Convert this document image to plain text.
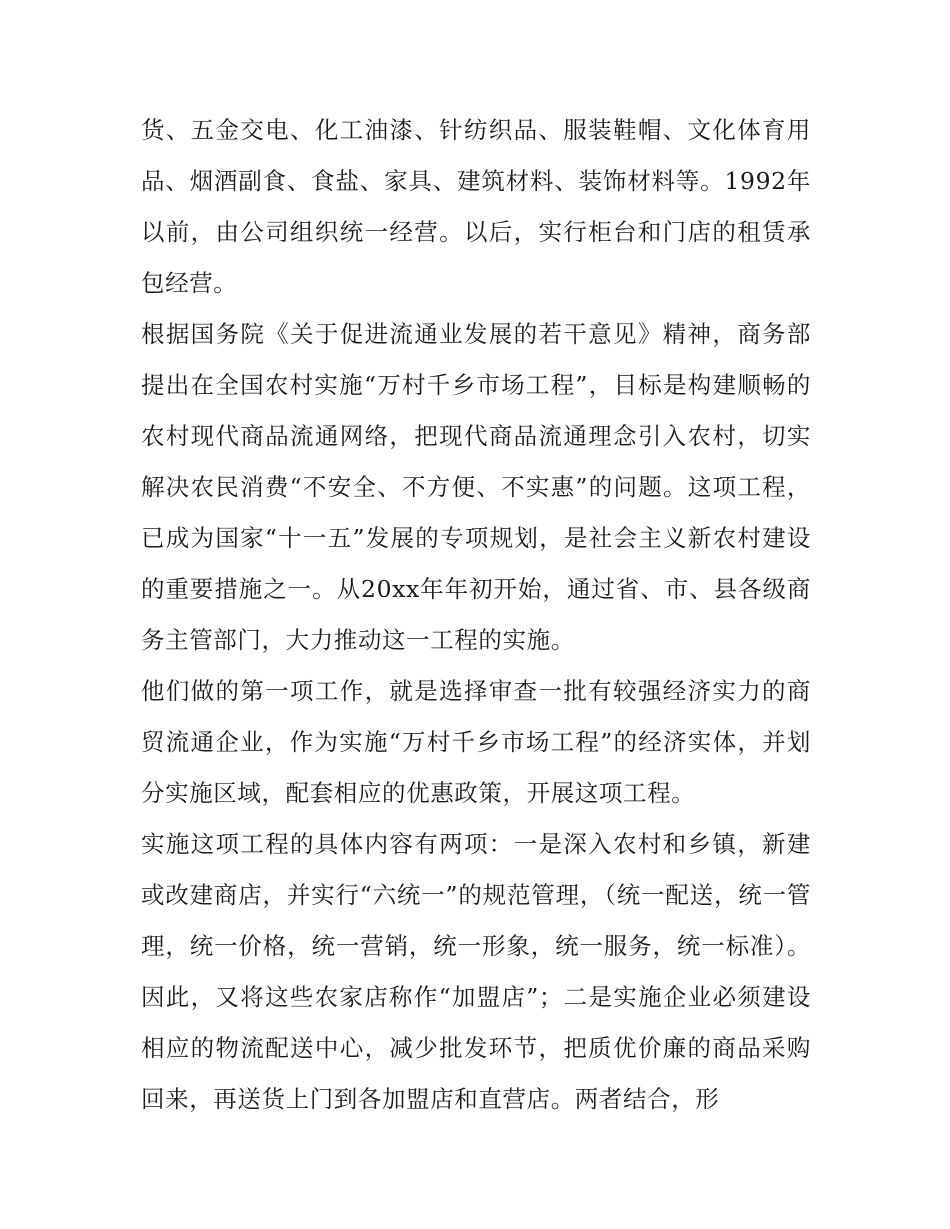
货、五金交电、化工油漆、针纺织品、服装鞋帽、文化体育用品、烟酒副食、食盐、家具、建筑材料、装饰材料等。1992年以前，由公司组织统一经营。以后，实行柜台和门店的租赁承包经营。

根据国务院《关于促进流通业发展的若干意见》精神，商务部提出在全国农村实施“万村千乡市场工程”，目标是构建顺畅的农村现代商品流通网络，把现代商品流通理念引入农村，切实解决农民消费“不安全、不方便、不实惠”的问题。这项工程，已成为国家“十一五”发展的专项规划，是社会主义新农村建设的重要措施之一。从20xx年年初开始，通过省、市、县各级商务主管部门，大力推动这一工程的实施。

他们做的第一项工作，就是选择审查一批有较强经济实力的商贸流通企业，作为实施“万村千乡市场工程”的经济实体，并划分实施区域，配套相应的优惠政策，开展这项工程。

实施这项工程的具体内容有两项：一是深入农村和乡镇，新建或改建商店，并实行“六统一”的规范管理，（统一配送，统一管理，统一价格，统一营销，统一形象，统一服务，统一标准）。因此，又将这些农家店称作“加盟店”；二是实施企业必须建设相应的物流配送中心，减少批发环节，把质优价廉的商品采购回来，再送货上门到各加盟店和直营店。两者结合，形
